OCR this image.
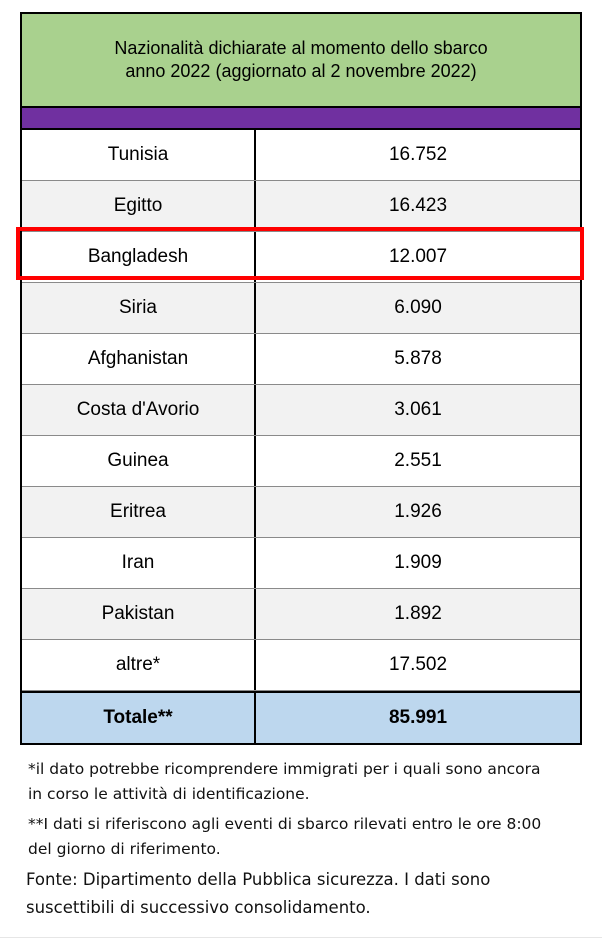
Nazionalità dichiarate al momento dello sbarco
anno 2022 (aggiornato al 2 novembre 2022)
Tunisia	16.752
Egitto	16.423
Bangladesh	12.007
Siria	6.090
Afghanistan	5.878
Costa d'Avorio	3.061
Guinea	2.551
Eritrea	1.926
Iran	1.909
Pakistan	1.892
altre*	17.502
Totale**	85.991

*il dato potrebbe ricomprendere immigrati per i quali sono ancora
in corso le attività di identificazione.

**I dati si riferiscono agli eventi di sbarco rilevati entro le ore 8:00
del giorno di riferimento.

Fonte: Dipartimento della Pubblica sicurezza. I dati sono
suscettibili di successivo consolidamento.
